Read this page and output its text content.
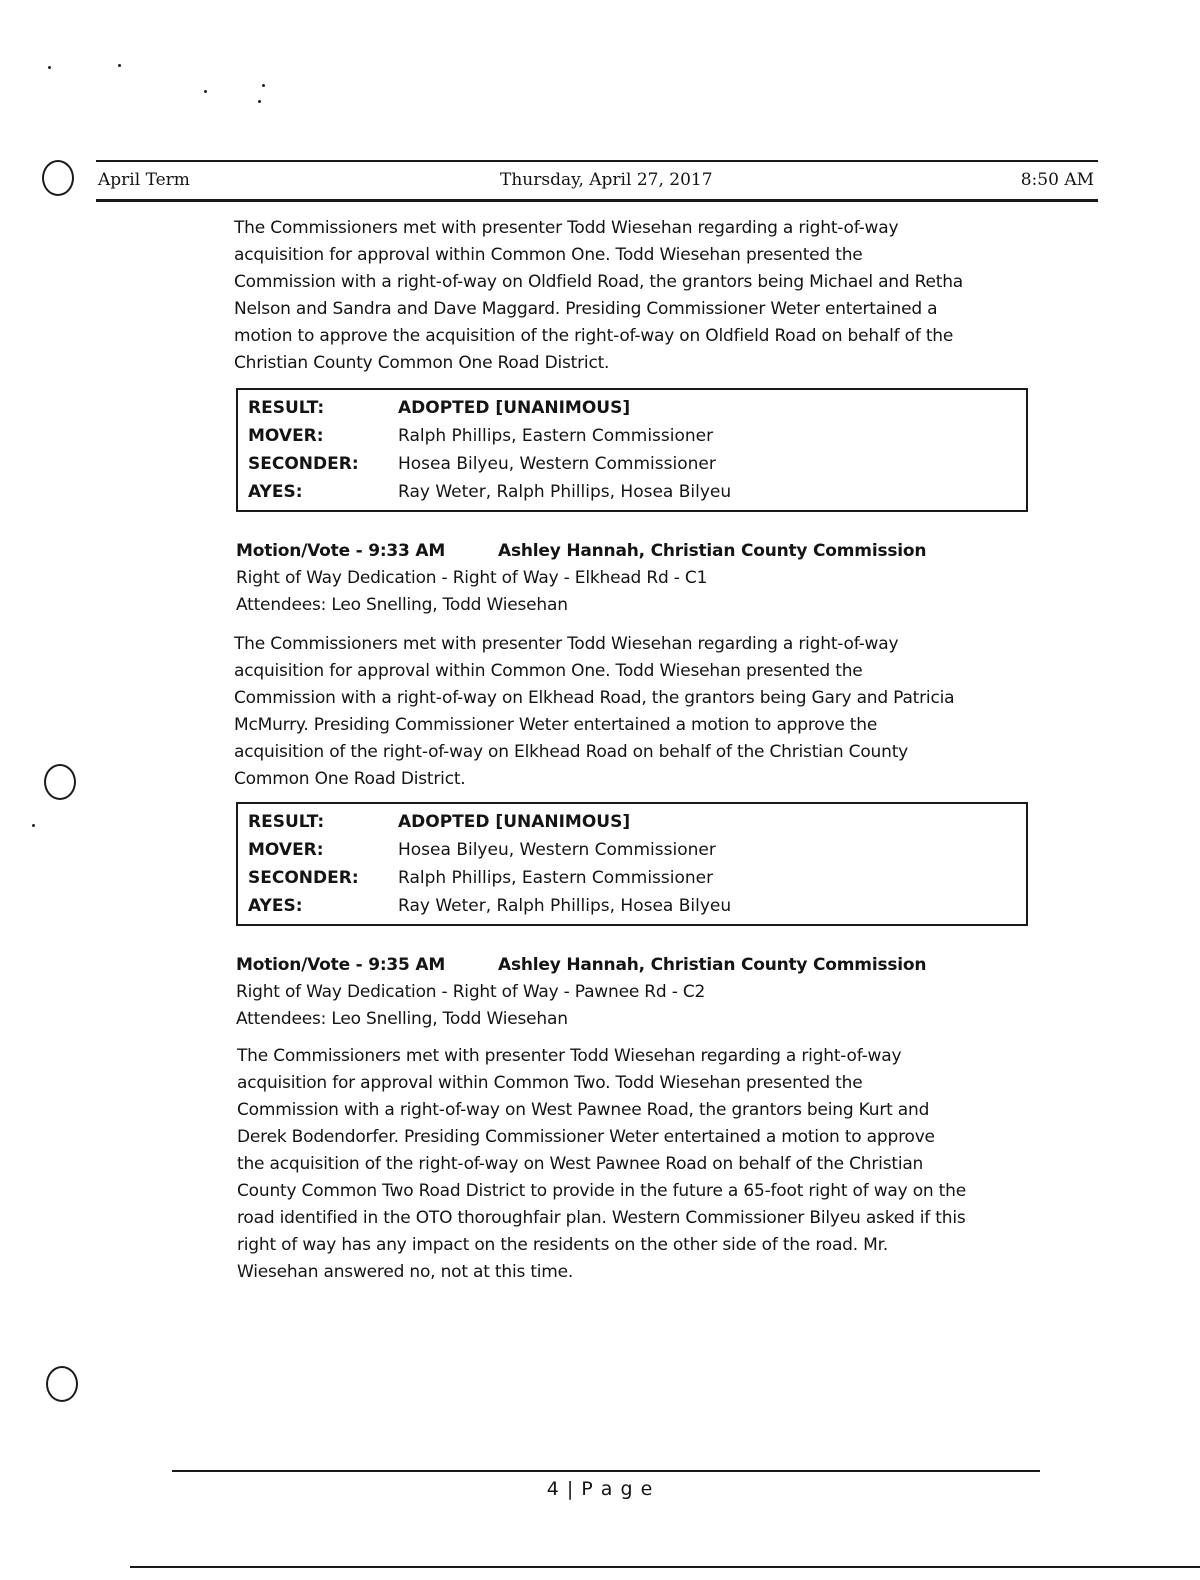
April Term	Thursday, April 27, 2017	8:50 AM
The Commissioners met with presenter Todd Wiesehan regarding a right-of-way
acquisition for approval within Common One. Todd Wiesehan presented the
Commission with a right-of-way on Oldfield Road, the grantors being Michael and Retha
Nelson and Sandra and Dave Maggard. Presiding Commissioner Weter entertained a
motion to approve the acquisition of the right-of-way on Oldfield Road on behalf of the
Christian County Common One Road District.
RESULT:	ADOPTED [UNANIMOUS]
MOVER:	Ralph Phillips, Eastern Commissioner
SECONDER:	Hosea Bilyeu, Western Commissioner
AYES:	Ray Weter, Ralph Phillips, Hosea Bilyeu
Motion/Vote - 9:33 AM	Ashley Hannah, Christian County Commission
Right of Way Dedication - Right of Way - Elkhead Rd - C1
Attendees: Leo Snelling, Todd Wiesehan
The Commissioners met with presenter Todd Wiesehan regarding a right-of-way
acquisition for approval within Common One. Todd Wiesehan presented the
Commission with a right-of-way on Elkhead Road, the grantors being Gary and Patricia
McMurry. Presiding Commissioner Weter entertained a motion to approve the
acquisition of the right-of-way on Elkhead Road on behalf of the Christian County
Common One Road District.
RESULT:	ADOPTED [UNANIMOUS]
MOVER:	Hosea Bilyeu, Western Commissioner
SECONDER:	Ralph Phillips, Eastern Commissioner
AYES:	Ray Weter, Ralph Phillips, Hosea Bilyeu
Motion/Vote - 9:35 AM	Ashley Hannah, Christian County Commission
Right of Way Dedication - Right of Way - Pawnee Rd - C2
Attendees: Leo Snelling, Todd Wiesehan
The Commissioners met with presenter Todd Wiesehan regarding a right-of-way
acquisition for approval within Common Two. Todd Wiesehan presented the
Commission with a right-of-way on West Pawnee Road, the grantors being Kurt and
Derek Bodendorfer. Presiding Commissioner Weter entertained a motion to approve
the acquisition of the right-of-way on West Pawnee Road on behalf of the Christian
County Common Two Road District to provide in the future a 65-foot right of way on the
road identified in the OTO thoroughfair plan. Western Commissioner Bilyeu asked if this
right of way has any impact on the residents on the other side of the road. Mr.
Wiesehan answered no, not at this time.
4 | P a g e
